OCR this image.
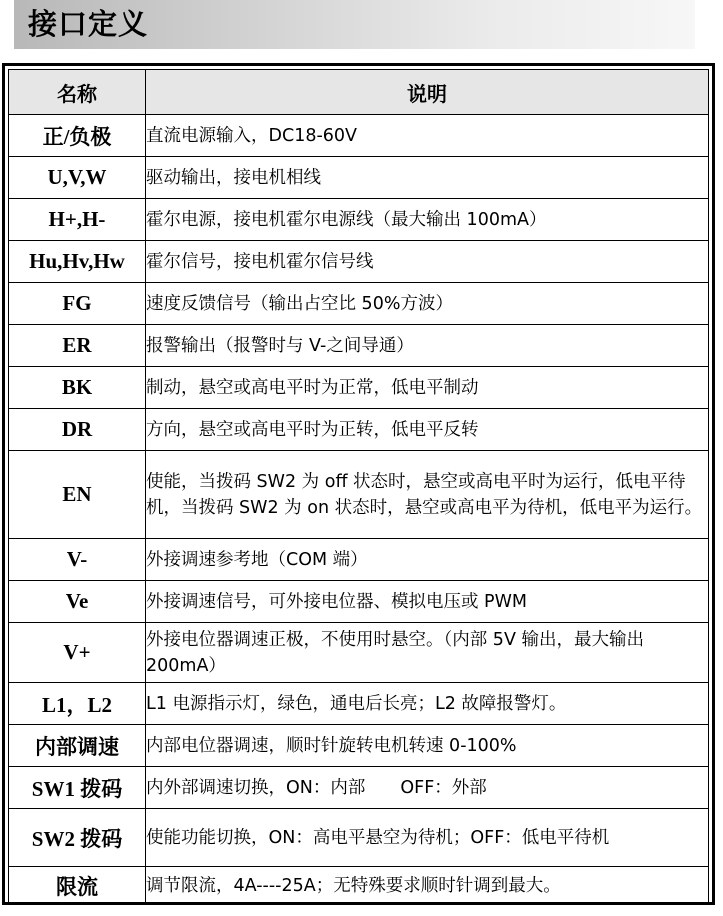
接口定义
名称	说明
正/负极	直流电源输入，DC18-60V
U,V,W	驱动输出，接电机相线
H+,H-	霍尔电源，接电机霍尔电源线（最大输出 100mA）
Hu,Hv,Hw	霍尔信号，接电机霍尔信号线
FG	速度反馈信号（输出占空比 50%方波）
ER	报警输出（报警时与 V-之间导通）
BK	制动，悬空或高电平时为正常，低电平制动
DR	方向，悬空或高电平时为正转，低电平反转
EN	使能，当拨码 SW2 为 off 状态时，悬空或高电平时为运行，低电平待机，当拨码 SW2 为 on 状态时，悬空或高电平为待机，低电平为运行。
V-	外接调速参考地（COM 端）
Ve	外接调速信号，可外接电位器、模拟电压或 PWM
V+	外接电位器调速正极，不使用时悬空。（内部 5V 输出，最大输出 200mA）
L1，L2	L1 电源指示灯，绿色，通电后长亮；L2 故障报警灯。
内部调速	内部电位器调速，顺时针旋转电机转速 0-100%
SW1 拨码	内外部调速切换，ON：内部　　OFF：外部
SW2 拨码	使能功能切换，ON：高电平悬空为待机；OFF：低电平待机
限流	调节限流，4A----25A；无特殊要求顺时针调到最大。
